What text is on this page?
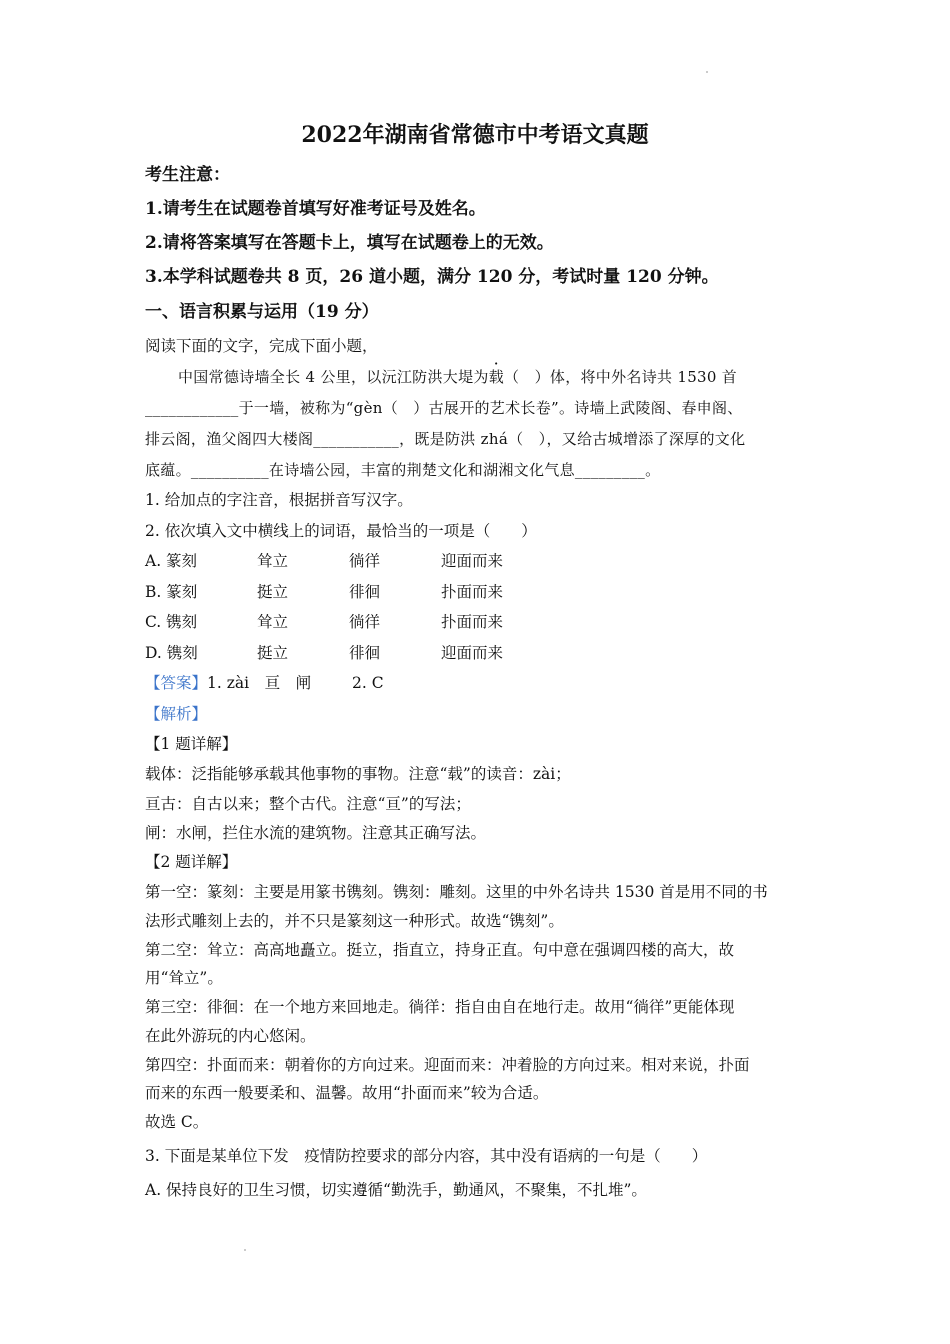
2022年湖南省常德市中考语文真题
考生注意：
1.请考生在试题卷首填写好准考证号及姓名。
2.请将答案填写在答题卡上，填写在试题卷上的无效。
3.本学科试题卷共 8 页，26 道小题，满分 120 分，考试时量 120 分钟。
一、语言积累与运用（19 分）
阅读下面的文字，完成下面小题，
中国常德诗墙全长 4 公里，以沅江防洪大堤为载（　）体，将中外名诗共 1530 首
____________于一墙，被称为“gèn（　）古展开的艺术长卷”。诗墙上武陵阁、春申阁、
排云阁，渔父阁四大楼阁___________，既是防洪 zhá（　），又给古城增添了深厚的文化
底蕴。__________在诗墙公园，丰富的荆楚文化和湖湘文化气息_________。
1. 给加点的字注音，根据拼音写汉字。
2. 依次填入文中横线上的词语，最恰当的一项是（　　）
A. 篆刻	耸立	徜徉	迎面而来
B. 篆刻	挺立	徘徊	扑面而来
C. 镌刻	耸立	徜徉	扑面而来
D. 镌刻	挺立	徘徊	迎面而来
【答案】1. zài　亘　闸	2. C
【解析】
【1 题详解】
载体：泛指能够承载其他事物的事物。注意“载”的读音：zài；
亘古：自古以来；整个古代。注意“亘”的写法；
闸：水闸，拦住水流的建筑物。注意其正确写法。
【2 题详解】
第一空：篆刻：主要是用篆书镌刻。镌刻：雕刻。这里的中外名诗共 1530 首是用不同的书
法形式雕刻上去的，并不只是篆刻这一种形式。故选“镌刻”。
第二空：耸立：高高地矗立。挺立，指直立，持身正直。句中意在强调四楼的高大，故
用“耸立”。
第三空：徘徊：在一个地方来回地走。徜徉：指自由自在地行走。故用“徜徉”更能体现
在此外游玩的内心悠闲。
第四空：扑面而来：朝着你的方向过来。迎面而来：冲着脸的方向过来。相对来说，扑面
而来的东西一般要柔和、温馨。故用“扑面而来”较为合适。
故选 C。
3. 下面是某单位下发　疫情防控要求的部分内容，其中没有语病的一句是（　　）
A. 保持良好的卫生习惯，切实遵循“勤洗手，勤通风，不聚集，不扎堆”。
